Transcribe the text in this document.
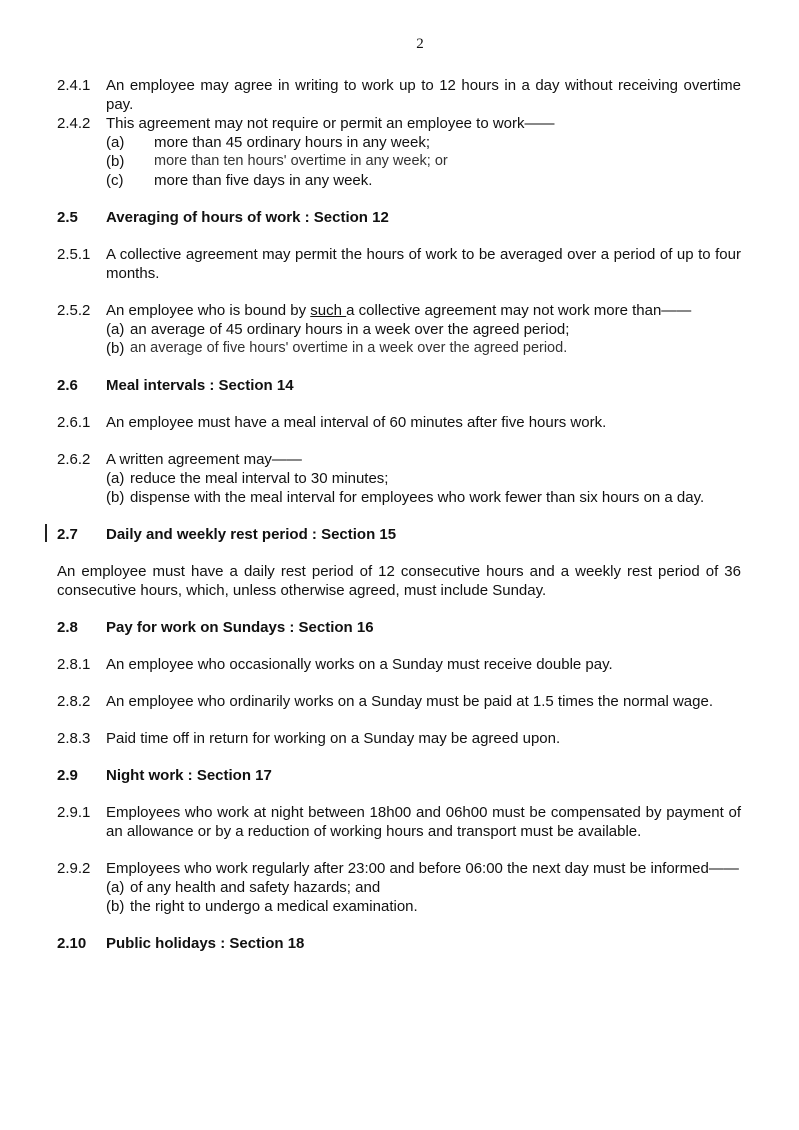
2
2.4.1	An employee may agree in writing to work up to 12 hours in a day without receiving overtime pay.
2.4.2	This agreement may not require or permit an employee to work——
(a)	more than 45 ordinary hours in any week;
(b)	more than ten hours' overtime in any week; or
(c)	more than five days in any week.
2.5	Averaging of hours of work : Section 12
2.5.1	A collective agreement may permit the hours of work to be averaged over a period of up to four months.
2.5.2	An employee who is bound by such a collective agreement may not work more than——
(a) an average of 45 ordinary hours in a week over the agreed period;
(b) an average of five hours' overtime in a week over the agreed period.
2.6	Meal intervals : Section 14
2.6.1	An employee must have a meal interval of 60 minutes after five hours work.
2.6.2	A written agreement may——
(a) reduce the meal interval to 30 minutes;
(b) dispense with the meal interval for employees who work fewer than six hours on a day.
2.7	Daily and weekly rest period : Section 15
An employee must have a daily rest period of 12 consecutive hours and a weekly rest period of 36 consecutive hours, which, unless otherwise agreed, must include Sunday.
2.8	Pay for work on Sundays : Section 16
2.8.1	An employee who occasionally works on a Sunday must receive double pay.
2.8.2	An employee who ordinarily works on a Sunday must be paid at 1.5 times the normal wage.
2.8.3	Paid time off in return for working on a Sunday may be agreed upon.
2.9	Night work : Section 17
2.9.1	Employees who work at night between 18h00 and 06h00 must be compensated by payment of an allowance or by a reduction of working hours and transport must be available.
2.9.2	Employees who work regularly after 23:00 and before 06:00 the next day must be informed——
(a) of any health and safety hazards; and
(b) the right to undergo a medical examination.
2.10	Public holidays : Section 18
